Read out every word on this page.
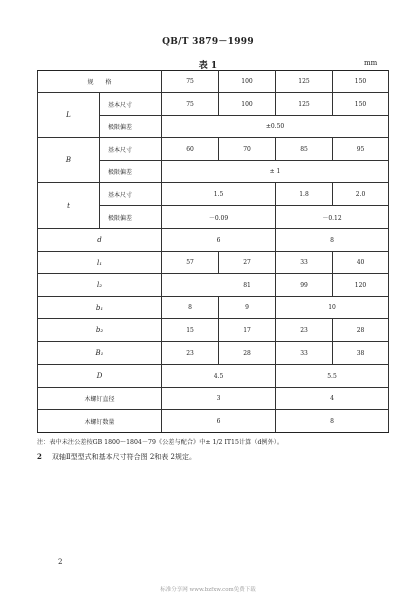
QB/T 3879－1999
表 1	mm
规　　格		75	100	125	150
L	基本尺寸	75	100	125	150
	极限偏差	±0.50			
B	基本尺寸	60	70	85	95
	极限偏差	± 1			
t	基本尺寸	1.5		1.8	2.0
	极限偏差	－0.09		－0.12	
d		6		8	
l₁		57	27	33	40
l₂			81	99	120
b₁		8	9	10	
b₂		15	17	23	28
B₁		23	28	33	38
D		4.5		5.5	
木螺钉直径		3		4	
木螺钉数量		6		8	
注：表中未注公差按GB 1800～1804－79《公差与配合》中± 1/2 IT15计算（d例外）。
2 双轴Ⅱ型型式和基本尺寸符合图 2和表 2规定。
2
标准分享网 www.bzfxw.com免费下载
